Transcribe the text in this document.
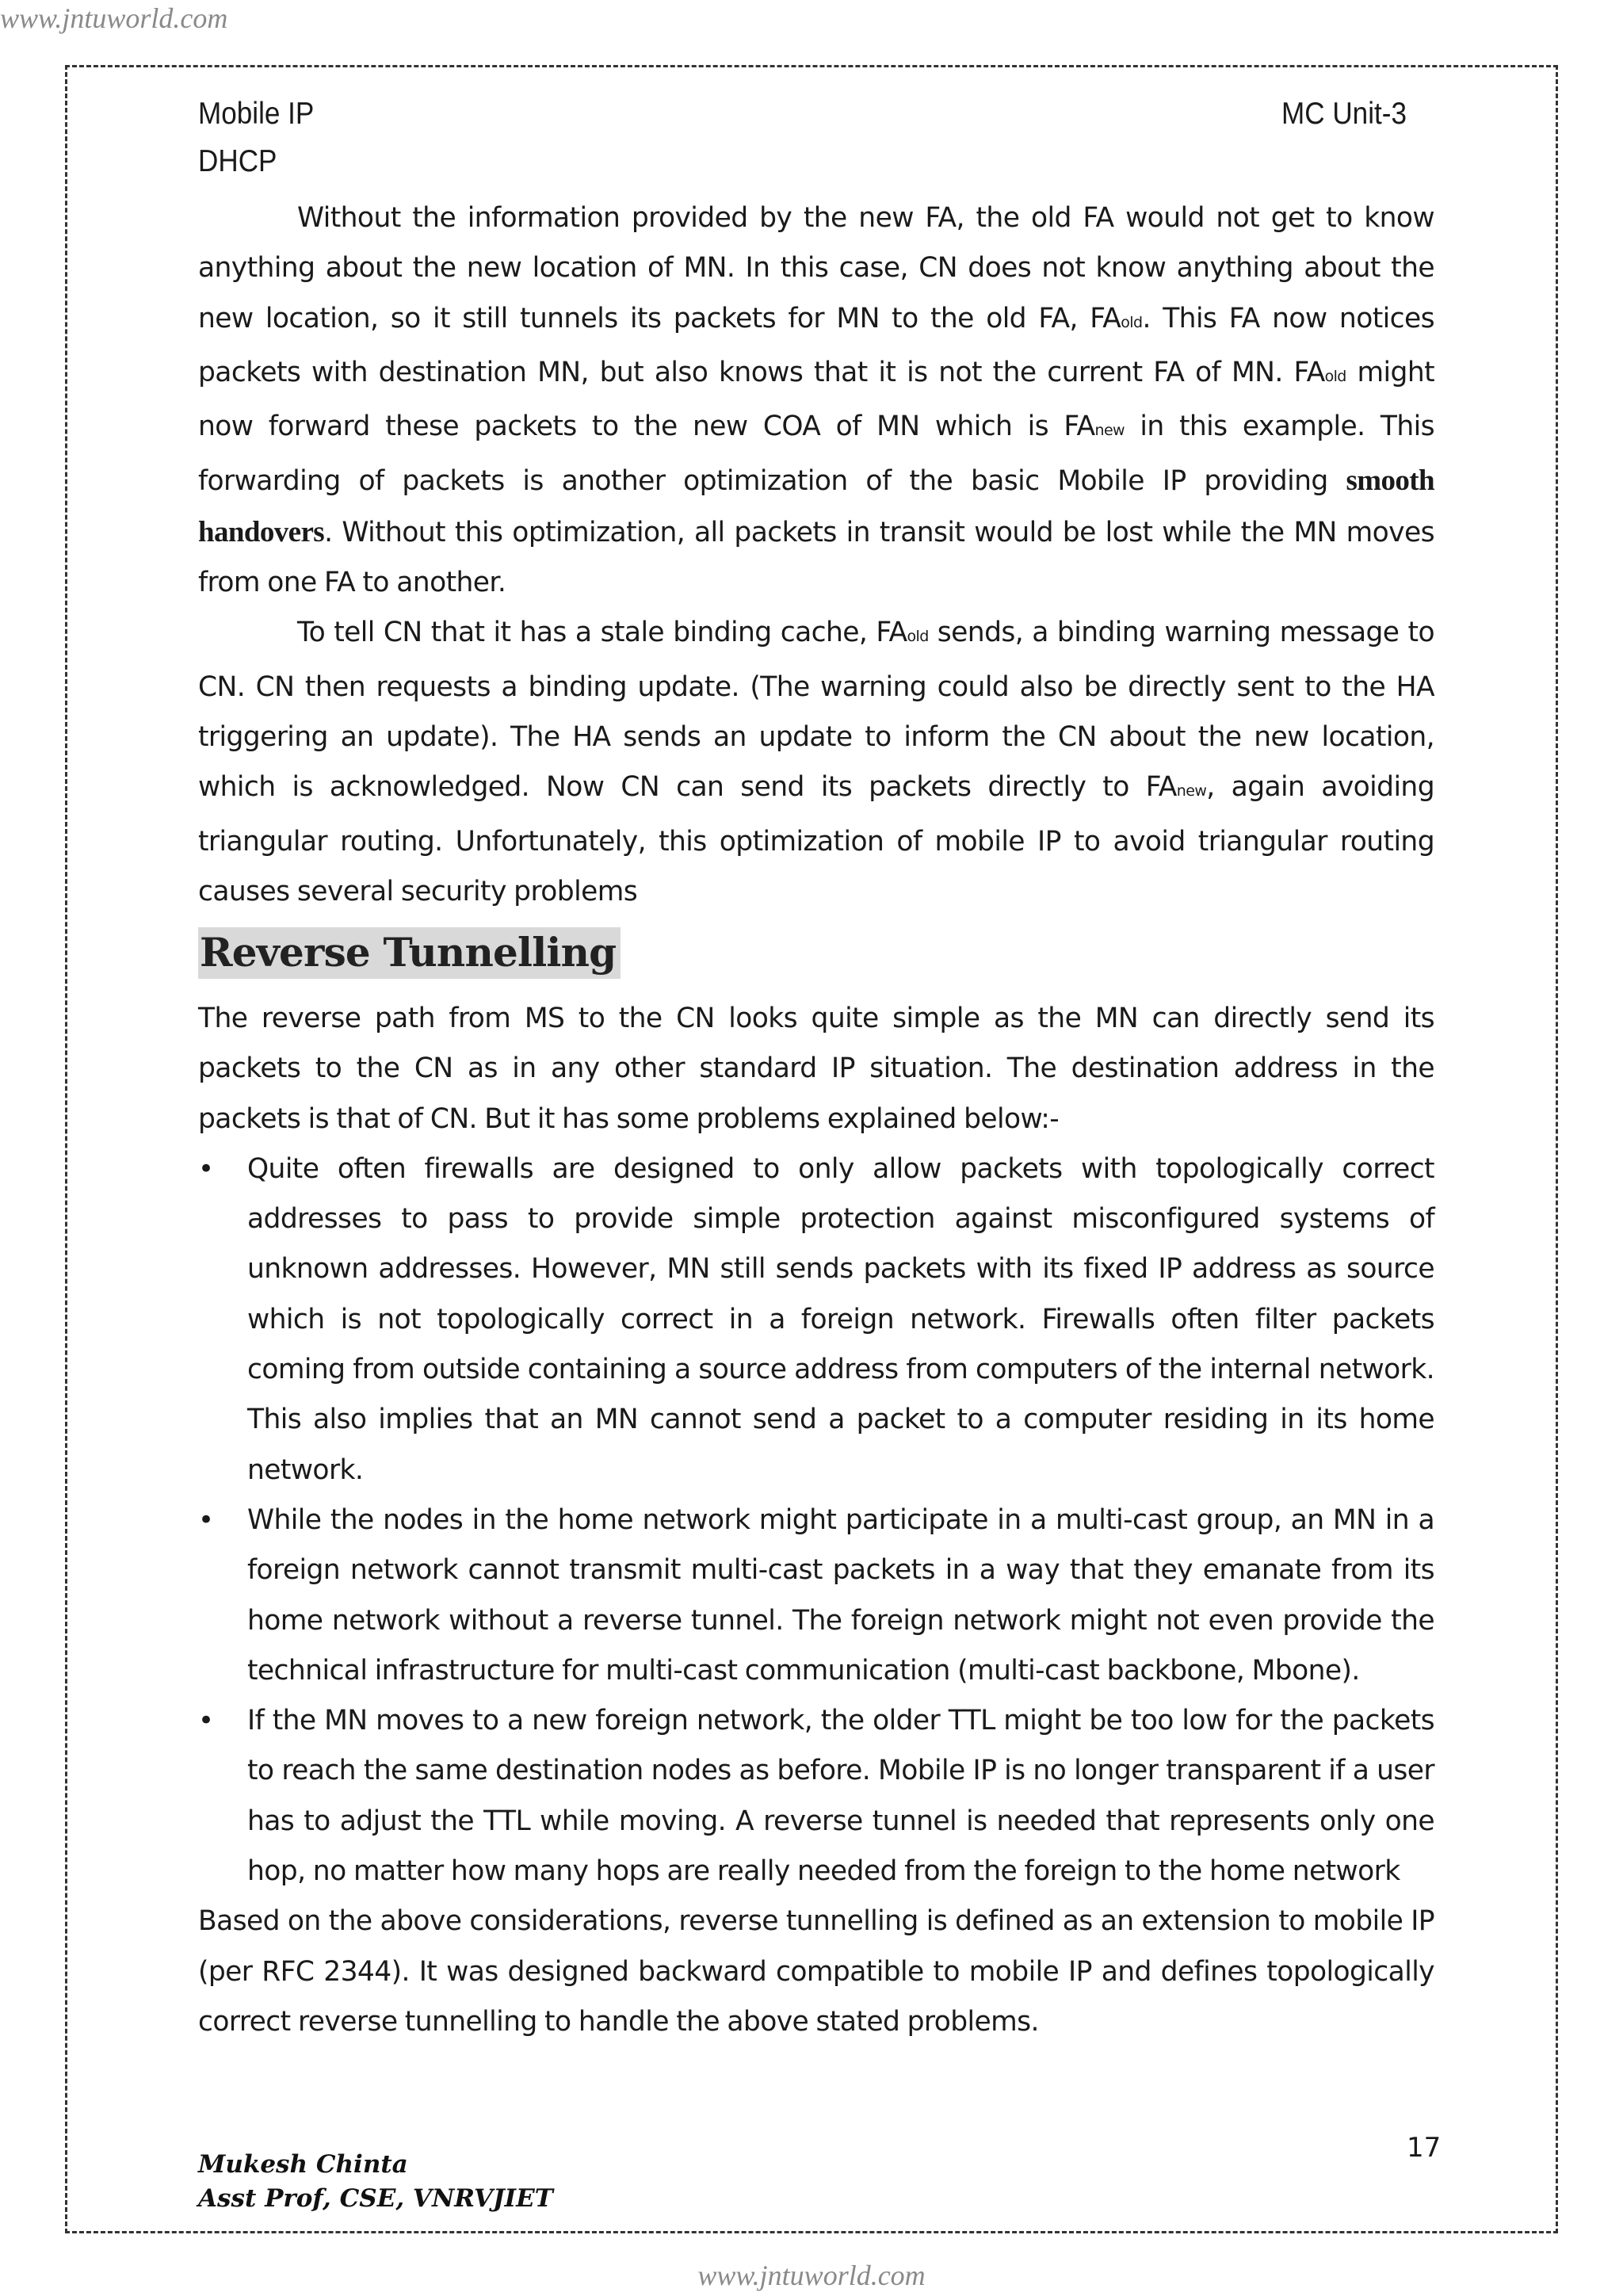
www.jntuworld.com
Mobile IP
DHCP
MC Unit-3

Without the information provided by the new FA, the old FA would not get to know anything about the new location of MN. In this case, CN does not know anything about the new location, so it still tunnels its packets for MN to the old FA, FAold. This FA now notices packets with destination MN, but also knows that it is not the current FA of MN. FAold might now forward these packets to the new COA of MN which is FAnew in this example. This forwarding of packets is another optimization of the basic Mobile IP providing smooth handovers. Without this optimization, all packets in transit would be lost while the MN moves from one FA to another.

To tell CN that it has a stale binding cache, FAold sends, a binding warning message to CN. CN then requests a binding update. (The warning could also be directly sent to the HA triggering an update). The HA sends an update to inform the CN about the new location, which is acknowledged. Now CN can send its packets directly to FAnew, again avoiding triangular routing. Unfortunately, this optimization of mobile IP to avoid triangular routing causes several security problems

Reverse Tunnelling

The reverse path from MS to the CN looks quite simple as the MN can directly send its packets to the CN as in any other standard IP situation. The destination address in the packets is that of CN. But it has some problems explained below:-

• Quite often firewalls are designed to only allow packets with topologically correct addresses to pass to provide simple protection against misconfigured systems of unknown addresses. However, MN still sends packets with its fixed IP address as source which is not topologically correct in a foreign network. Firewalls often filter packets coming from outside containing a source address from computers of the internal network. This also implies that an MN cannot send a packet to a computer residing in its home network.
• While the nodes in the home network might participate in a multi-cast group, an MN in a foreign network cannot transmit multi-cast packets in a way that they emanate from its home network without a reverse tunnel. The foreign network might not even provide the technical infrastructure for multi-cast communication (multi-cast backbone, Mbone).
• If the MN moves to a new foreign network, the older TTL might be too low for the packets to reach the same destination nodes as before. Mobile IP is no longer transparent if a user has to adjust the TTL while moving. A reverse tunnel is needed that represents only one hop, no matter how many hops are really needed from the foreign to the home network

Based on the above considerations, reverse tunnelling is defined as an extension to mobile IP (per RFC 2344). It was designed backward compatible to mobile IP and defines topologically correct reverse tunnelling to handle the above stated problems.

17
Mukesh Chinta
Asst Prof, CSE, VNRVJIET
www.jntuworld.com
